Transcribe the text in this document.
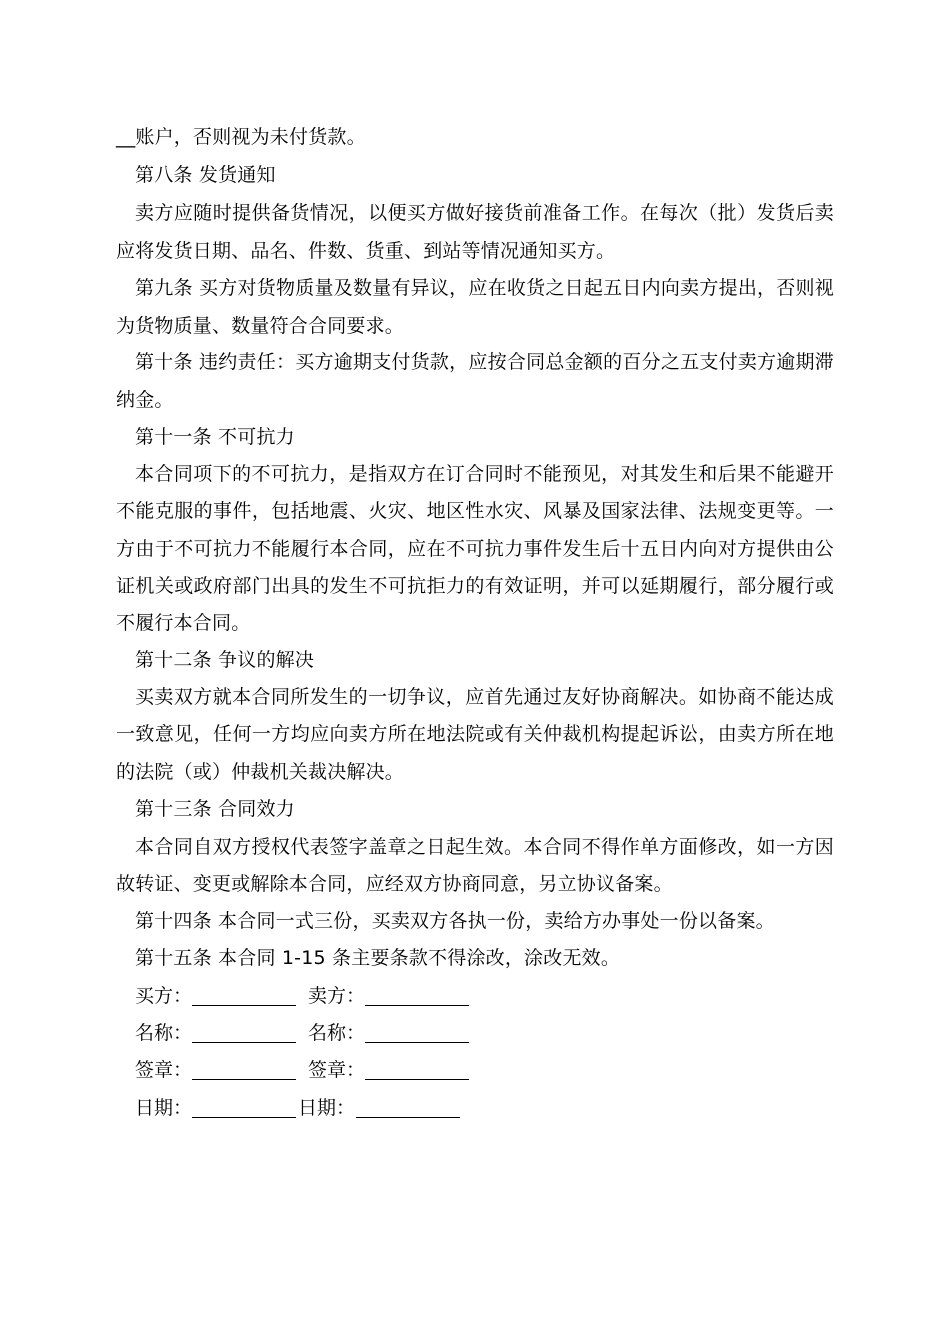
__账户，否则视为未付货款。
第八条 发货通知
卖方应随时提供备货情况，以便买方做好接货前准备工作。在每次（批）发货后卖
应将发货日期、品名、件数、货重、到站等情况通知买方。
第九条 买方对货物质量及数量有异议，应在收货之日起五日内向卖方提出，否则视
为货物质量、数量符合合同要求。
第十条 违约责任：买方逾期支付货款，应按合同总金额的百分之五支付卖方逾期滞
纳金。
第十一条 不可抗力
本合同项下的不可抗力，是指双方在订合同时不能预见，对其发生和后果不能避开
不能克服的事件，包括地震、火灾、地区性水灾、风暴及国家法律、法规变更等。一
方由于不可抗力不能履行本合同，应在不可抗力事件发生后十五日内向对方提供由公
证机关或政府部门出具的发生不可抗拒力的有效证明，并可以延期履行，部分履行或
不履行本合同。
第十二条 争议的解决
买卖双方就本合同所发生的一切争议，应首先通过友好协商解决。如协商不能达成
一致意见，任何一方均应向卖方所在地法院或有关仲裁机构提起诉讼，由卖方所在地
的法院（或）仲裁机关裁决解决。
第十三条 合同效力
本合同自双方授权代表签字盖章之日起生效。本合同不得作单方面修改，如一方因
故转证、变更或解除本合同，应经双方协商同意，另立协议备案。
第十四条 本合同一式三份，买卖双方各执一份，卖给方办事处一份以备案。
第十五条 本合同 1-15 条主要条款不得涂改，涂改无效。
买方：	卖方：
名称：	名称：
签章：	签章：
日期：	日期：
